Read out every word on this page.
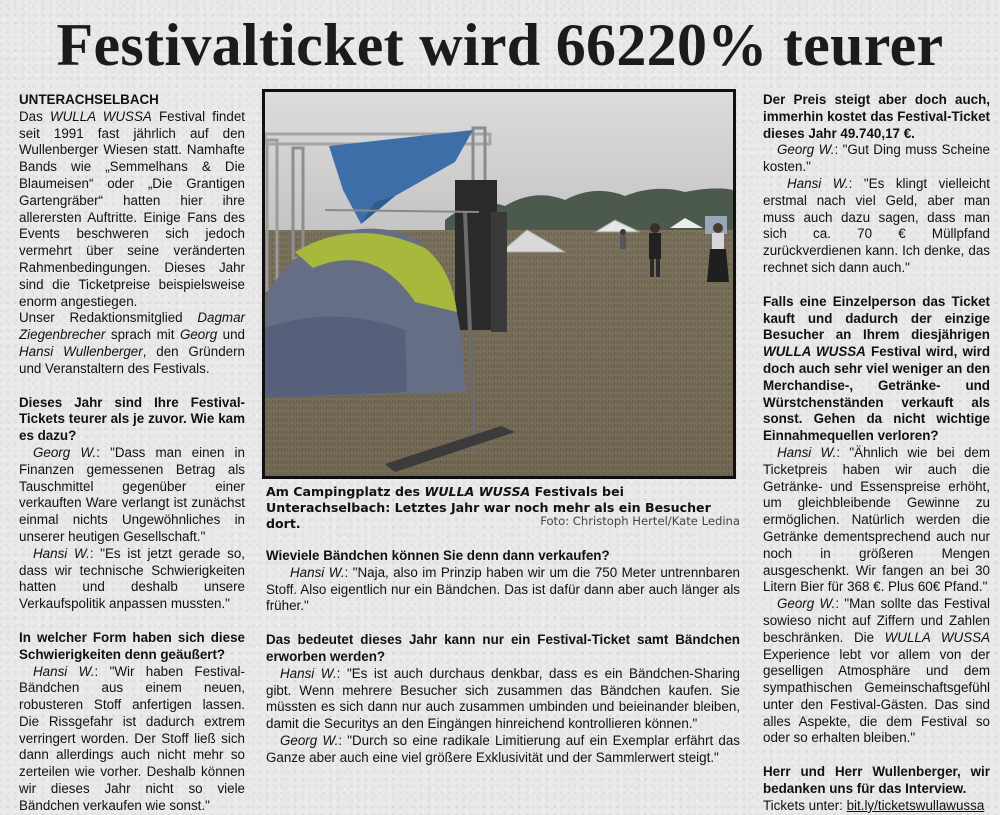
Festivalticket wird 66220% teurer

UNTERACHSELBACH
Das WULLA WUSSA Festival findet seit 1991 fast jährlich auf den Wullenberger Wiesen statt. Namhafte Bands wie „Semmelhans & Die Blaumeisen“ oder „Die Grantigen Gartengräber“ hatten hier ihre allerersten Auftritte. Einige Fans des Events beschweren sich jedoch vermehrt über seine veränderten Rahmenbedingungen. Dieses Jahr sind die Ticketpreise beispielsweise enorm angestiegen.
Unser Redaktionsmitglied Dagmar Ziegenbrecher sprach mit Georg und Hansi Wullenberger, den Gründern und Veranstaltern des Festivals.

Dieses Jahr sind Ihre Festival-Tickets teurer als je zuvor. Wie kam es dazu?

Georg W.: "Dass man einen in Finanzen gemessenen Betrag als Tauschmittel gegenüber einer verkauften Ware verlangt ist zunächst einmal nichts Ungewöhnliches in unserer heutigen Gesellschaft."

Hansi W.: "Es ist jetzt gerade so, dass wir technische Schwierigkeiten hatten und deshalb unsere Verkaufspolitik anpassen mussten."

In welcher Form haben sich diese Schwierigkeiten denn geäußert?

Hansi W.: "Wir haben Festival-Bändchen aus einem neuen, robusteren Stoff anfertigen lassen. Die Rissgefahr ist dadurch extrem verringert worden. Der Stoff ließ sich dann allerdings auch nicht mehr so zerteilen wie vorher. Deshalb können wir dieses Jahr nicht so viele Bändchen verkaufen wie sonst."

Am Campingplatz des WULLA WUSSA Festivals bei Unterachselbach: Letztes Jahr war noch mehr als ein Besucher dort.	Foto: Christoph Hertel/Kate Ledina

Wieviele Bändchen können Sie denn dann verkaufen?

Hansi W.: "Naja, also im Prinzip haben wir um die 750 Meter untrennbaren Stoff. Also eigentlich nur ein Bändchen. Das ist dafür dann aber auch länger als früher."

Das bedeutet dieses Jahr kann nur ein Festival-Ticket samt Bändchen erworben werden?

Hansi W.: "Es ist auch durchaus denkbar, dass es ein Bändchen-Sharing gibt. Wenn mehrere Besucher sich zusammen das Bändchen kaufen. Sie müssten es sich dann nur auch zusammen umbinden und beieinander bleiben, damit die Securitys an den Eingängen hinreichend kontrollieren können."

Georg W.: "Durch so eine radikale Limitierung auf ein Exemplar erfährt das Ganze aber auch eine viel größere Exklusivität und der Sammlerwert steigt."

Der Preis steigt aber doch auch, immerhin kostet das Festival-Ticket dieses Jahr 49.740,17 €.

Georg W.: "Gut Ding muss Scheine kosten."

Hansi W.: "Es klingt vielleicht erstmal nach viel Geld, aber man muss auch dazu sagen, dass man sich ca. 70 € Müllpfand zurückverdienen kann. Ich denke, das rechnet sich dann auch."

Falls eine Einzelperson das Ticket kauft und dadurch der einzige Besucher an Ihrem diesjährigen WULLA WUSSA Festival wird, wird doch auch sehr viel weniger an den Merchandise-, Getränke- und Würstchenständen verkauft als sonst. Gehen da nicht wichtige Einnahmequellen verloren?

Hansi W.: "Ähnlich wie bei dem Ticketpreis haben wir auch die Getränke- und Essenspreise erhöht, um gleichbleibende Gewinne zu ermöglichen. Natürlich werden die Getränke dementsprechend auch nur noch in größeren Mengen ausgeschenkt. Wir fangen an bei 30 Litern Bier für 368 €. Plus 60€ Pfand."

Georg W.: "Man sollte das Festival sowieso nicht auf Ziffern und Zahlen beschränken. Die WULLA WUSSA Experience lebt vor allem von der geselligen Atmosphäre und dem sympathischen Gemeinschaftsgefühl unter den Festival-Gästen. Das sind alles Aspekte, die dem Festival so oder so erhalten bleiben."

Herr und Herr Wullenberger, wir bedanken uns für das Interview.

Tickets unter: bit.ly/ticketswullawussa
